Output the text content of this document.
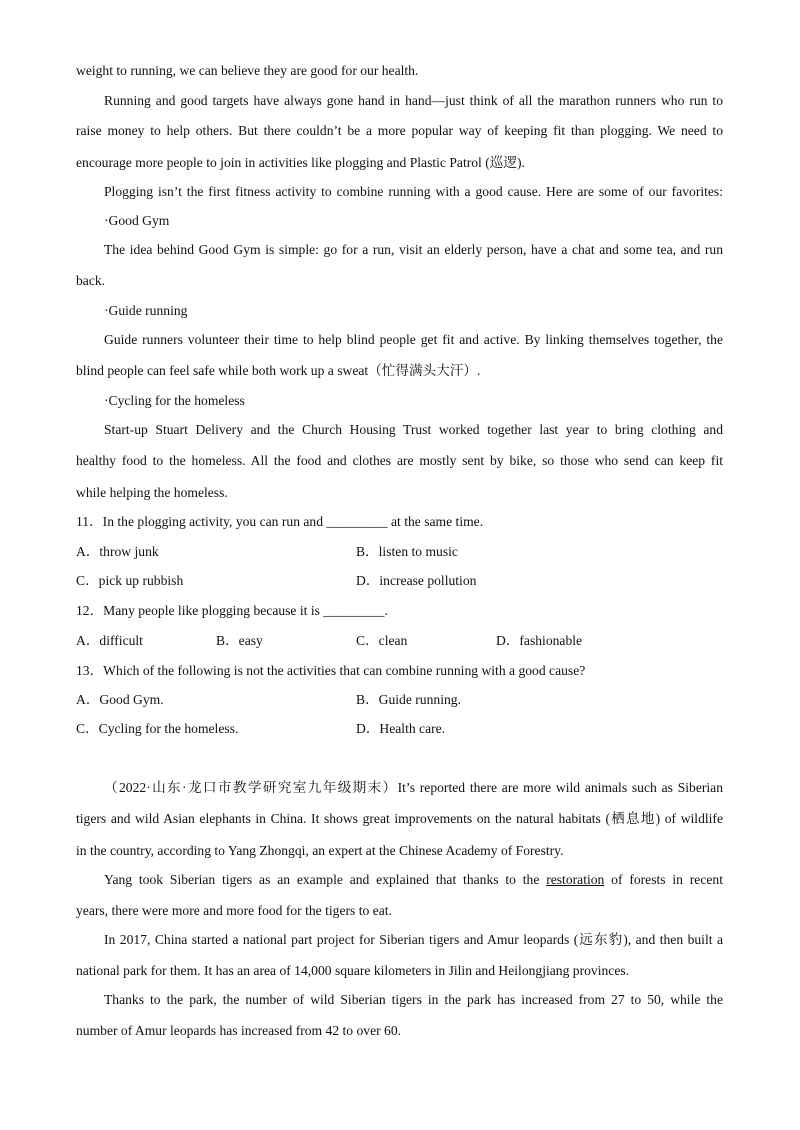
weight to running, we can believe they are good for our health.
Running and good targets have always gone hand in hand—just think of all the marathon runners who run to
raise money to help others. But there couldn’t be a more popular way of keeping fit than plogging. We need to
encourage more people to join in activities like plogging and Plastic Patrol (巡逻).
Plogging isn’t the first fitness activity to combine running with a good cause. Here are some of our favorites:
·Good Gym
The idea behind Good Gym is simple: go for a run, visit an elderly person, have a chat and some tea, and run
back.
·Guide running
Guide runners volunteer their time to help blind people get fit and active. By linking themselves together, the
blind people can feel safe while both work up a sweat（忙得满头大汗）.
·Cycling for the homeless
Start-up Stuart Delivery and the Church Housing Trust worked together last year to bring clothing and
healthy food to the homeless. All the food and clothes are mostly sent by bike, so those who send can keep fit
while helping the homeless.
11．In the plogging activity, you can run and _________ at the same time.
A．throw junk	B．listen to music
C．pick up rubbish	D．increase pollution
12．Many people like plogging because it is _________.
A．difficult	B．easy	C．clean	D．fashionable
13．Which of the following is not the activities that can combine running with a good cause?
A．Good Gym.	B．Guide running.
C．Cycling for the homeless.	D．Health care.
（2022·山东·龙口市教学研究室九年级期末）It’s reported there are more wild animals such as Siberian
tigers and wild Asian elephants in China. It shows great improvements on the natural habitats (栖息地) of wildlife
in the country, according to Yang Zhongqi, an expert at the Chinese Academy of Forestry.
Yang took Siberian tigers as an example and explained that thanks to the restoration of forests in recent
years, there were more and more food for the tigers to eat.
In 2017, China started a national part project for Siberian tigers and Amur leopards (远东豹), and then built a
national park for them. It has an area of 14,000 square kilometers in Jilin and Heilongjiang provinces.
Thanks to the park, the number of wild Siberian tigers in the park has increased from 27 to 50, while the
number of Amur leopards has increased from 42 to over 60.
